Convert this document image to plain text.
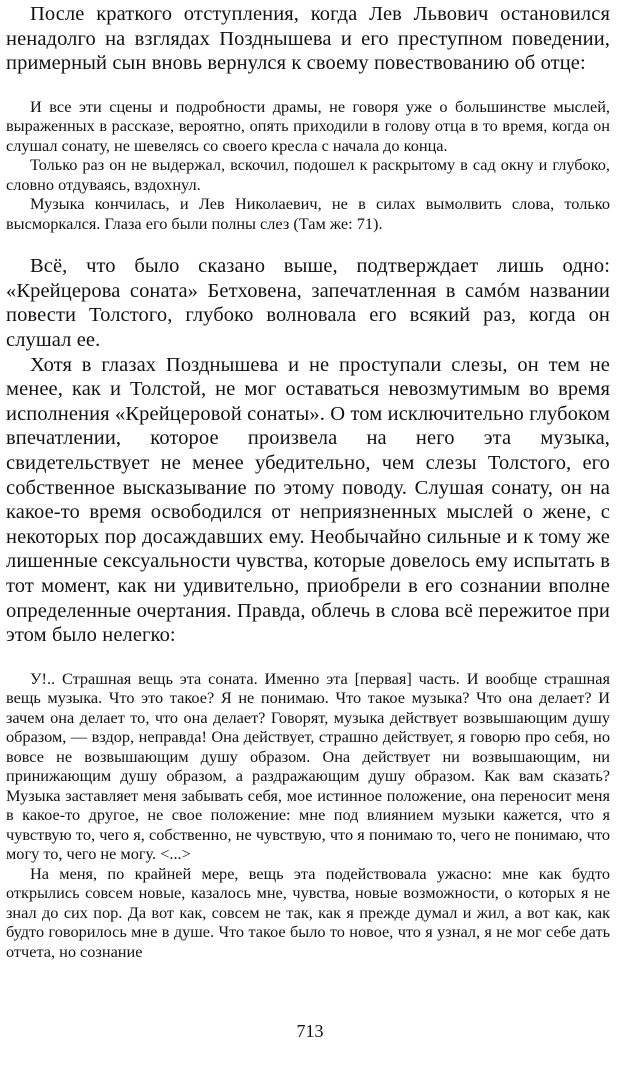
После краткого отступления, когда Лев Львович остановился ненадолго на взглядах Позднышева и его преступном поведении, примерный сын вновь вернулся к своему повествованию об отце:

И все эти сцены и подробности драмы, не говоря уже о большинстве мыслей, выраженных в рассказе, вероятно, опять приходили в голову отца в то время, когда он слушал сонату, не шевелясь со своего кресла с начала до конца.

Только раз он не выдержал, вскочил, подошел к раскрытому в сад окну и глубоко, словно отдуваясь, вздохнул.

Музыка кончилась, и Лев Николаевич, не в силах вымолвить слова, только высморкался. Глаза его были полны слез (Там же: 71).

Всё, что было сказано выше, подтверждает лишь одно: «Крейцерова соната» Бетховена, запечатленная в самóм названии повести Толстого, глубоко волновала его всякий раз, когда он слушал ее.

Хотя в глазах Позднышева и не проступали слезы, он тем не менее, как и Толстой, не мог оставаться невозмутимым во время исполнения «Крейцеровой сонаты». О том исключительно глубоком впечатлении, которое произвела на него эта музыка, свидетельствует не менее убедительно, чем слезы Толстого, его собственное высказывание по этому поводу. Слушая сонату, он на какое-то время освободился от неприязненных мыслей о жене, с некоторых пор досаждавших ему. Необычайно сильные и к тому же лишенные сексуальности чувства, которые довелось ему испытать в тот момент, как ни удивительно, приобрели в его сознании вполне определенные очертания. Правда, облечь в слова всё пережитое при этом было нелегко:

У!.. Страшная вещь эта соната. Именно эта [первая] часть. И вообще страшная вещь музыка. Что это такое? Я не понимаю. Что такое музыка? Что она делает? И зачем она делает то, что она делает? Говорят, музыка действует возвышающим душу образом, — вздор, неправда! Она действует, страшно действует, я говорю про себя, но вовсе не возвышающим душу образом. Она действует ни возвышающим, ни принижающим душу образом, а раздражающим душу образом. Как вам сказать? Музыка заставляет меня забывать себя, мое истинное положение, она переносит меня в какое-то другое, не свое положение: мне под влиянием музыки кажется, что я чувствую то, чего я, собственно, не чувствую, что я понимаю то, чего не понимаю, что могу то, чего не могу. <...>

На меня, по крайней мере, вещь эта подействовала ужасно: мне как будто открылись совсем новые, казалось мне, чувства, новые возможности, о которых я не знал до сих пор. Да вот как, совсем не так, как я прежде думал и жил, а вот как, как будто говорилось мне в душе. Что такое было то новое, что я узнал, я не мог себе дать отчета, но сознание

713
